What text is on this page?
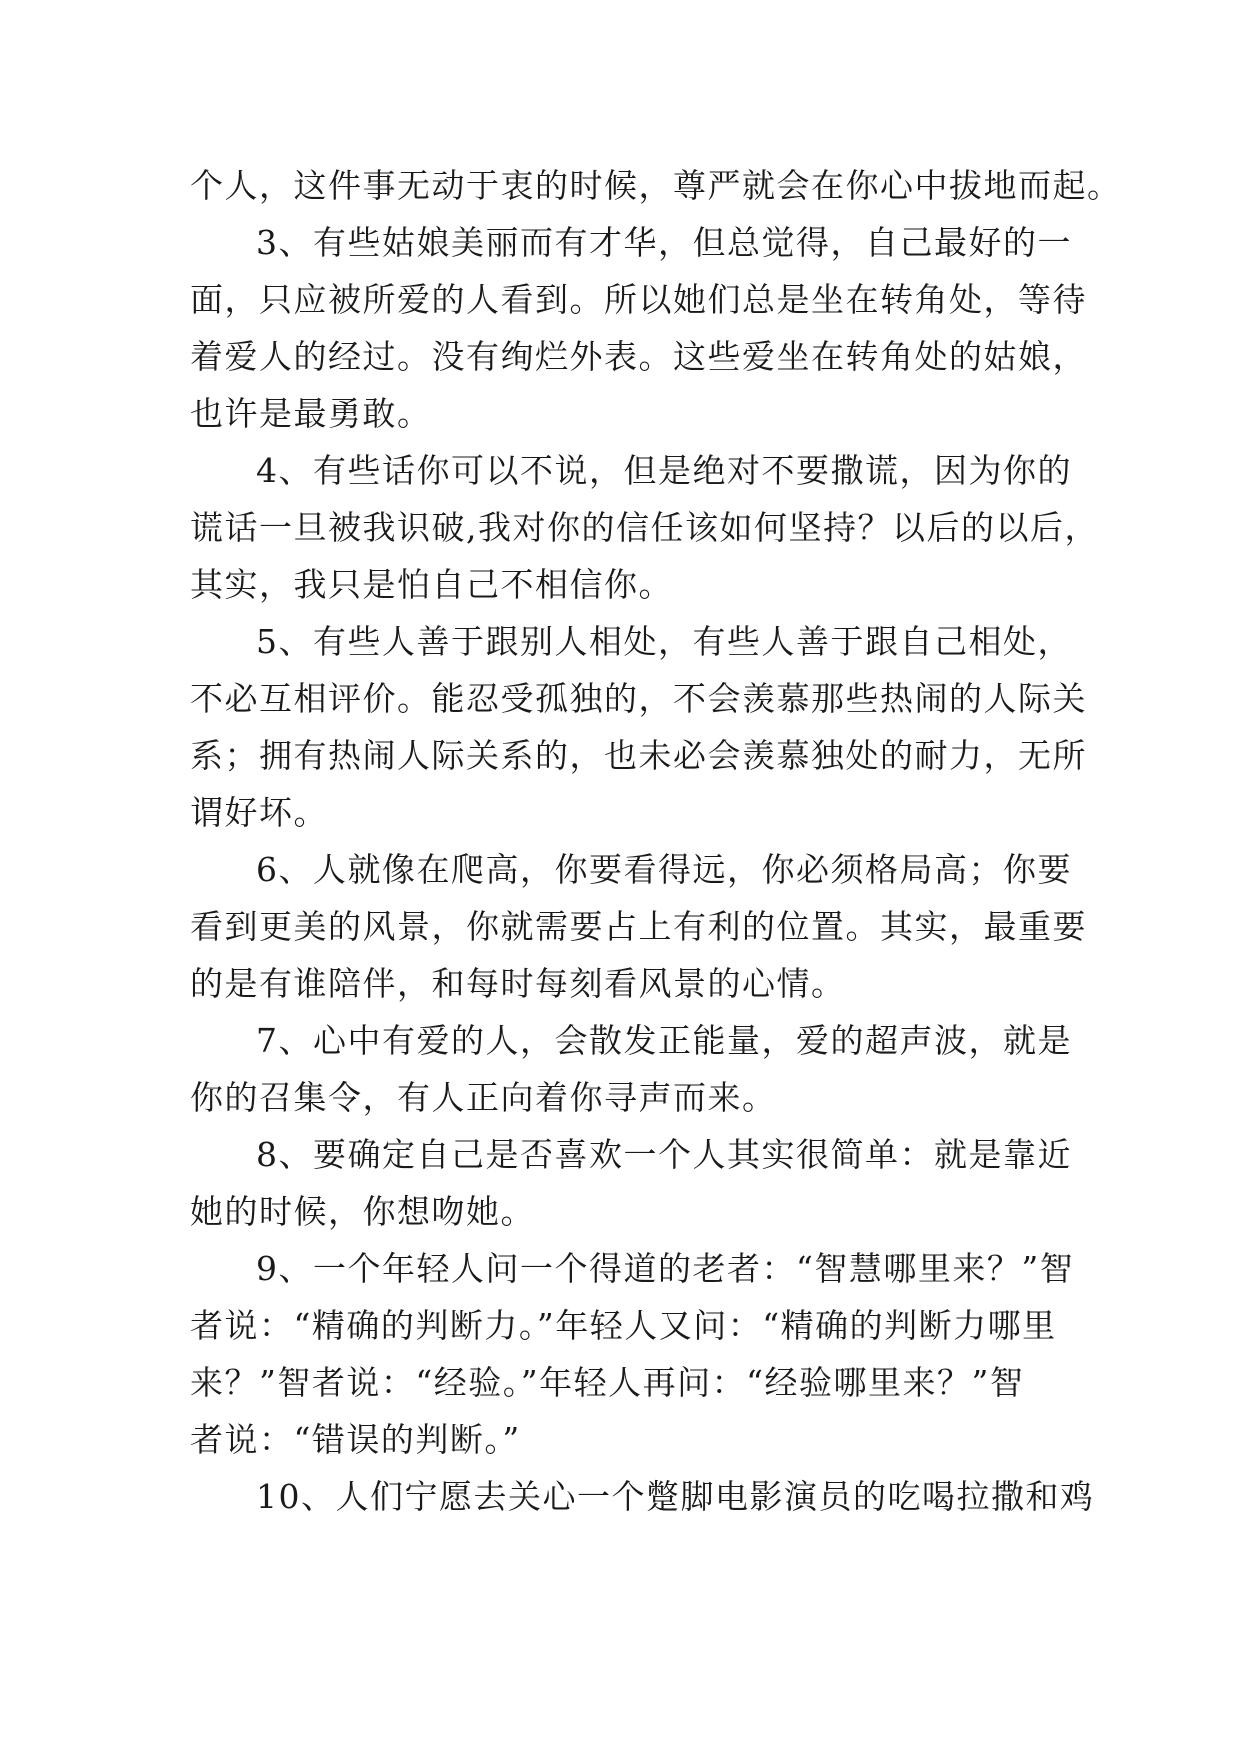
个人，这件事无动于衷的时候，尊严就会在你心中拔地而起。
3、有些姑娘美丽而有才华，但总觉得，自己最好的一
面，只应被所爱的人看到。所以她们总是坐在转角处，等待
着爱人的经过。没有绚烂外表。这些爱坐在转角处的姑娘，
也许是最勇敢。
4、有些话你可以不说，但是绝对不要撒谎，因为你的
谎话一旦被我识破,我对你的信任该如何坚持？以后的以后，
其实，我只是怕自己不相信你。
5、有些人善于跟别人相处，有些人善于跟自己相处，
不必互相评价。能忍受孤独的，不会羡慕那些热闹的人际关
系；拥有热闹人际关系的，也未必会羡慕独处的耐力，无所
谓好坏。
6、人就像在爬高，你要看得远，你必须格局高；你要
看到更美的风景，你就需要占上有利的位置。其实，最重要
的是有谁陪伴，和每时每刻看风景的心情。
7、心中有爱的人，会散发正能量，爱的超声波，就是
你的召集令，有人正向着你寻声而来。
8、要确定自己是否喜欢一个人其实很简单：就是靠近
她的时候，你想吻她。
9、一个年轻人问一个得道的老者：“智慧哪里来？”智
者说：“精确的判断力。”年轻人又问：“精确的判断力哪里
来？”智者说：“经验。”年轻人再问：“经验哪里来？”智
者说：“错误的判断。”
10、人们宁愿去关心一个蹩脚电影演员的吃喝拉撒和鸡
